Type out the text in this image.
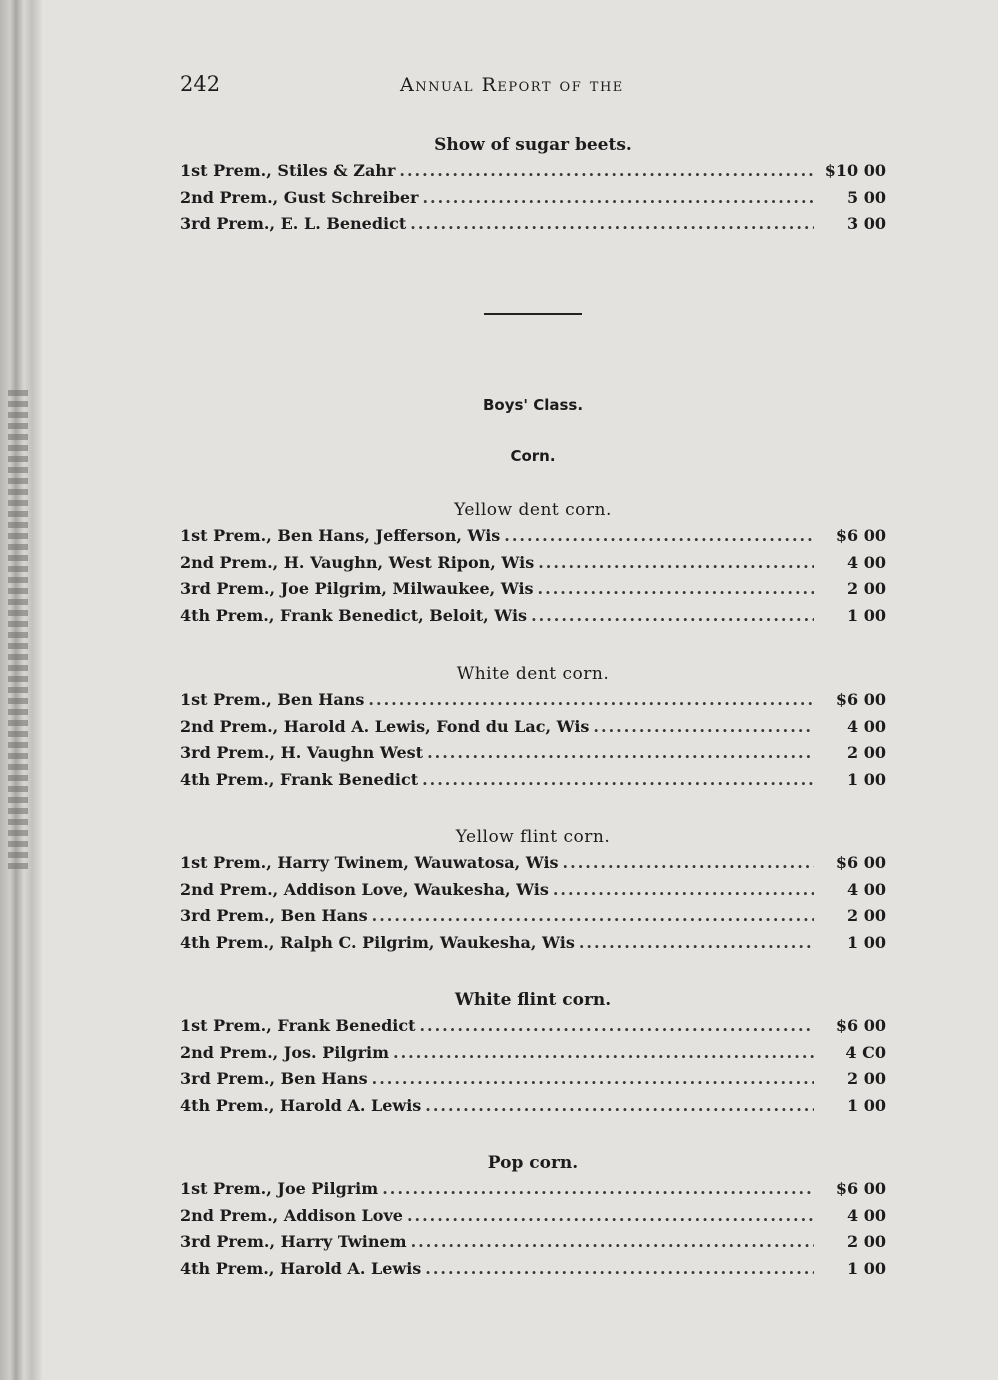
242	Annual Report of the
Show of sugar beets.
1st Prem., Stiles & Zahr .....	$10 00
2nd Prem., Gust Schreiber .....	5 00
3rd Prem., E. L. Benedict .....	3 00
Boys' Class.
Corn.
Yellow dent corn.
1st Prem., Ben Hans, Jefferson, Wis .....	$6 00
2nd Prem., H. Vaughn, West Ripon, Wis .....	4 00
3rd Prem., Joe Pilgrim, Milwaukee, Wis .....	2 00
4th Prem., Frank Benedict, Beloit, Wis .....	1 00
White dent corn.
1st Prem., Ben Hans .....	$6 00
2nd Prem., Harold A. Lewis, Fond du Lac, Wis .....	4 00
3rd Prem., H. Vaughn West .....	2 00
4th Prem., Frank Benedict .....	1 00
Yellow flint corn.
1st Prem., Harry Twinem, Wauwatosa, Wis .....	$6 00
2nd Prem., Addison Love, Waukesha, Wis .....	4 00
3rd Prem., Ben Hans .....	2 00
4th Prem., Ralph C. Pilgrim, Waukesha, Wis .....	1 00
White flint corn.
1st Prem., Frank Benedict .....	$6 00
2nd Prem., Jos. Pilgrim .....	4 C0
3rd Prem., Ben Hans .....	2 00
4th Prem., Harold A. Lewis .....	1 00
Pop corn.
1st Prem., Joe Pilgrim .....	$6 00
2nd Prem., Addison Love .....	4 00
3rd Prem., Harry Twinem .....	2 00
4th Prem., Harold A. Lewis .....	1 00
